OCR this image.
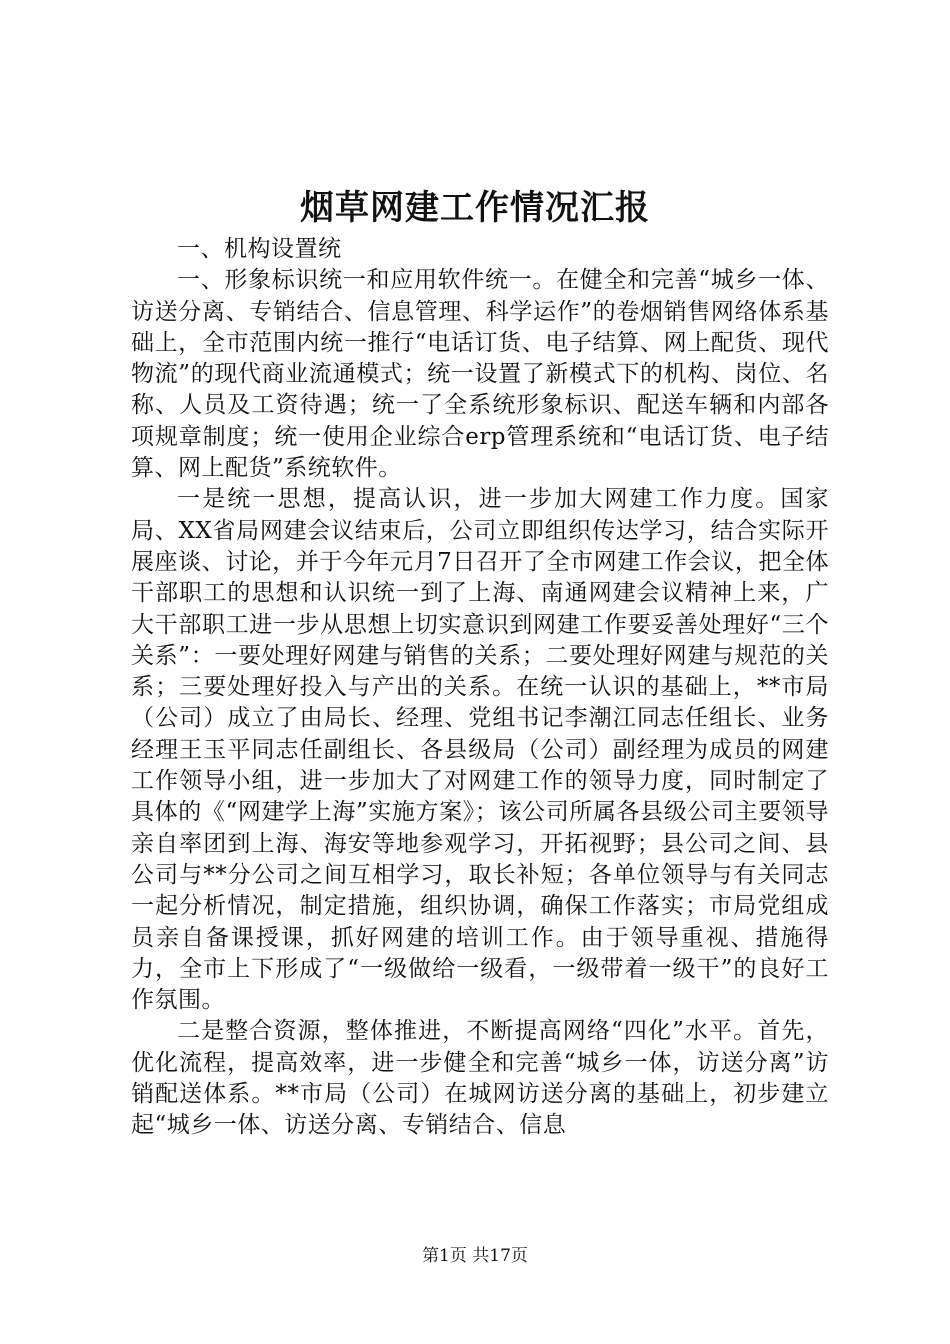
烟草网建工作情况汇报

一、机构设置统

一、形象标识统一和应用软件统一。在健全和完善“城乡一体、访送分离、专销结合、信息管理、科学运作”的卷烟销售网络体系基础上，全市范围内统一推行“电话订货、电子结算、网上配货、现代物流”的现代商业流通模式；统一设置了新模式下的机构、岗位、名称、人员及工资待遇；统一了全系统形象标识、配送车辆和内部各项规章制度；统一使用企业综合erp管理系统和“电话订货、电子结算、网上配货”系统软件。

一是统一思想，提高认识，进一步加大网建工作力度。国家局、XX省局网建会议结束后，公司立即组织传达学习，结合实际开展座谈、讨论，并于今年元月7日召开了全市网建工作会议，把全体干部职工的思想和认识统一到了上海、南通网建会议精神上来，广大干部职工进一步从思想上切实意识到网建工作要妥善处理好“三个关系”：一要处理好网建与销售的关系；二要处理好网建与规范的关系；三要处理好投入与产出的关系。在统一认识的基础上，**市局（公司）成立了由局长、经理、党组书记李潮江同志任组长、业务经理王玉平同志任副组长、各县级局（公司）副经理为成员的网建工作领导小组，进一步加大了对网建工作的领导力度，同时制定了具体的《“网建学上海”实施方案》；该公司所属各县级公司主要领导亲自率团到上海、海安等地参观学习，开拓视野；县公司之间、县公司与**分公司之间互相学习，取长补短；各单位领导与有关同志一起分析情况，制定措施，组织协调，确保工作落实；市局党组成员亲自备课授课，抓好网建的培训工作。由于领导重视、措施得力，全市上下形成了“一级做给一级看，一级带着一级干”的良好工作氛围。

二是整合资源，整体推进，不断提高网络“四化”水平。首先，优化流程，提高效率，进一步健全和完善“城乡一体，访送分离”访销配送体系。**市局（公司）在城网访送分离的基础上，初步建立起“城乡一体、访送分离、专销结合、信息

第1页 共17页
